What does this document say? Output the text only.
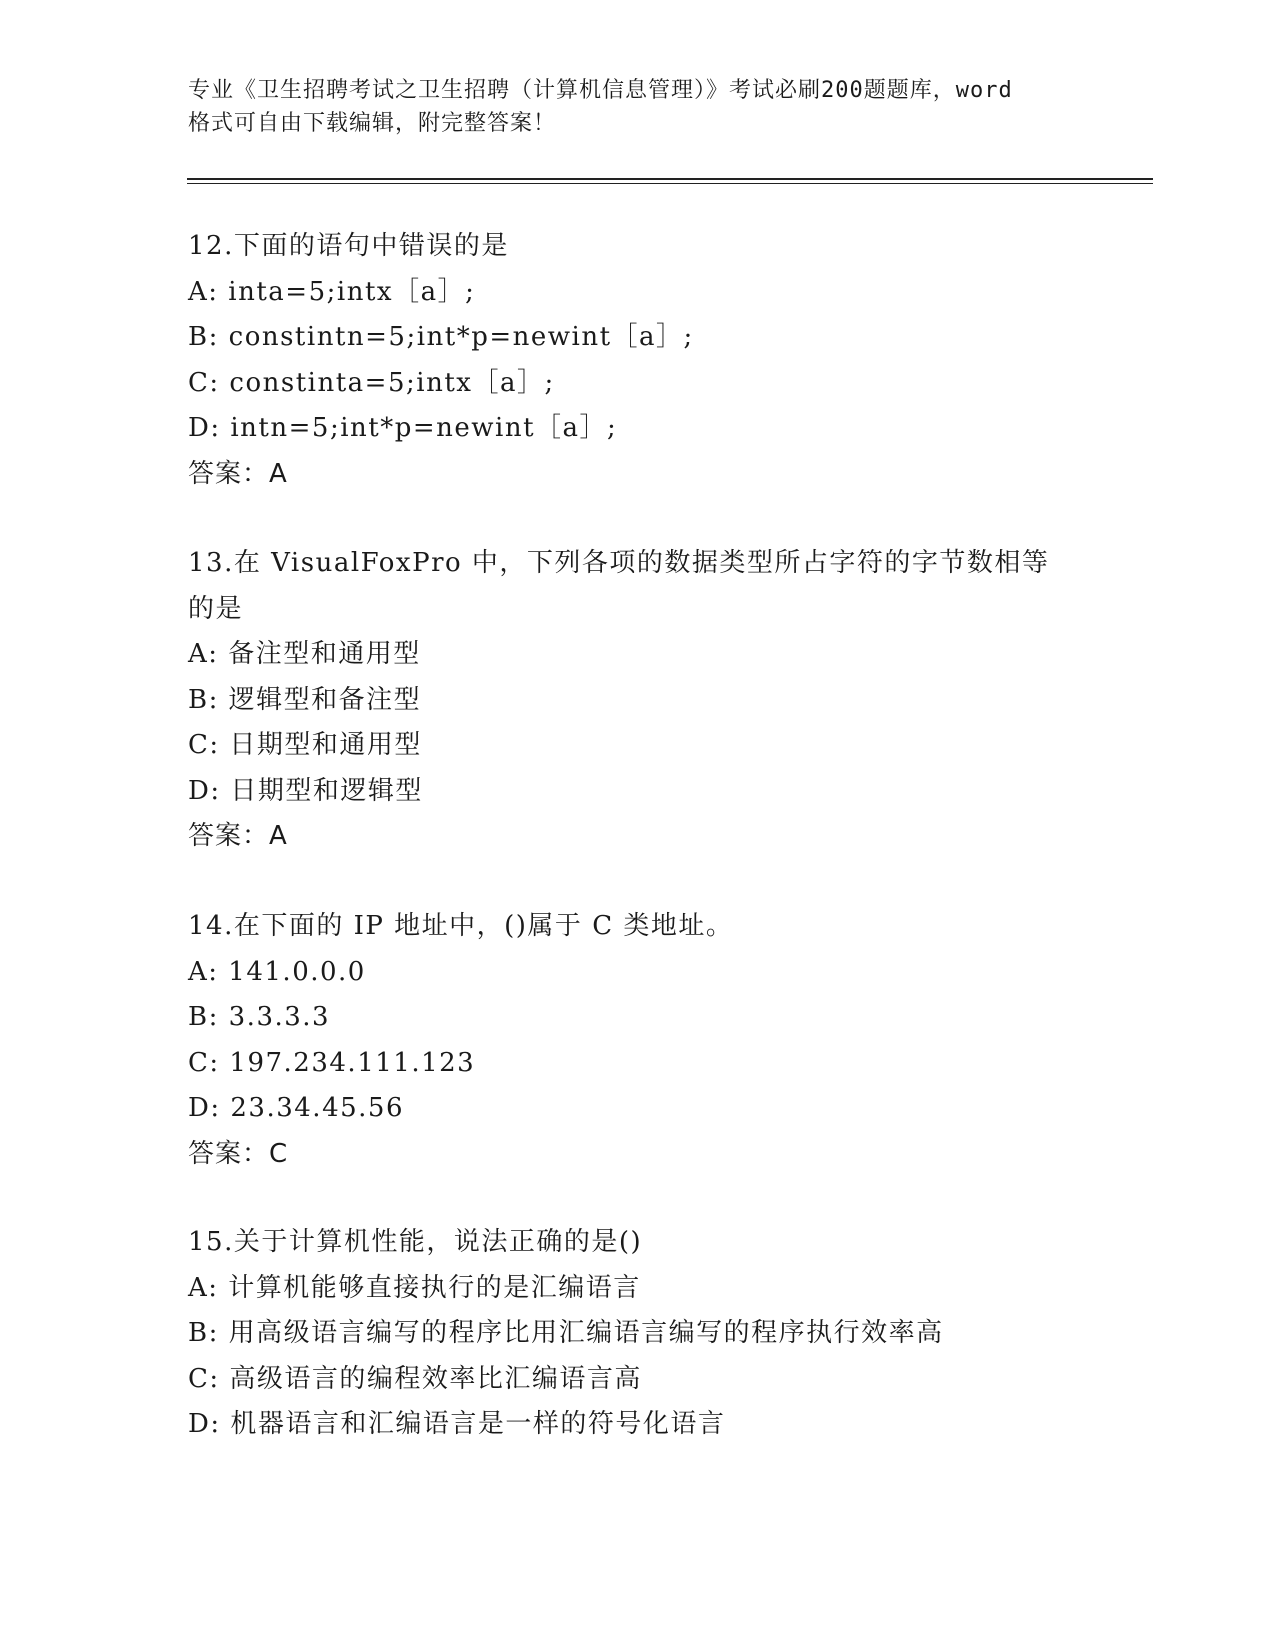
专业《卫生招聘考试之卫生招聘（计算机信息管理）》考试必刷200题题库，word
格式可自由下载编辑，附完整答案！
12.下面的语句中错误的是
A: inta=5;intx［a］;
B: constintn=5;int*p=newint［a］;
C: constinta=5;intx［a］;
D: intn=5;int*p=newint［a］;
答案：A
13.在 VisualFoxPro 中，下列各项的数据类型所占字符的字节数相等
的是
A: 备注型和通用型
B: 逻辑型和备注型
C: 日期型和通用型
D: 日期型和逻辑型
答案：A
14.在下面的 IP 地址中，()属于 C 类地址。
A: 141.0.0.0
B: 3.3.3.3
C: 197.234.111.123
D: 23.34.45.56
答案：C
15.关于计算机性能，说法正确的是()
A: 计算机能够直接执行的是汇编语言
B: 用高级语言编写的程序比用汇编语言编写的程序执行效率高
C: 高级语言的编程效率比汇编语言高
D: 机器语言和汇编语言是一样的符号化语言
